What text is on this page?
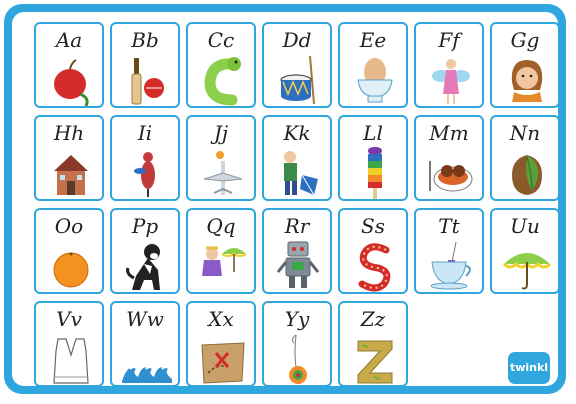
Aa	Bb	Cc	Dd	Ee	Ff	Gg
Hh	Ii	Jj	Kk	Ll	Mm	Nn
Oo	Pp	Qq	Rr	Ss	Tt	Uu
Vv	Ww	Xx	Yy	Zz
twinkl
